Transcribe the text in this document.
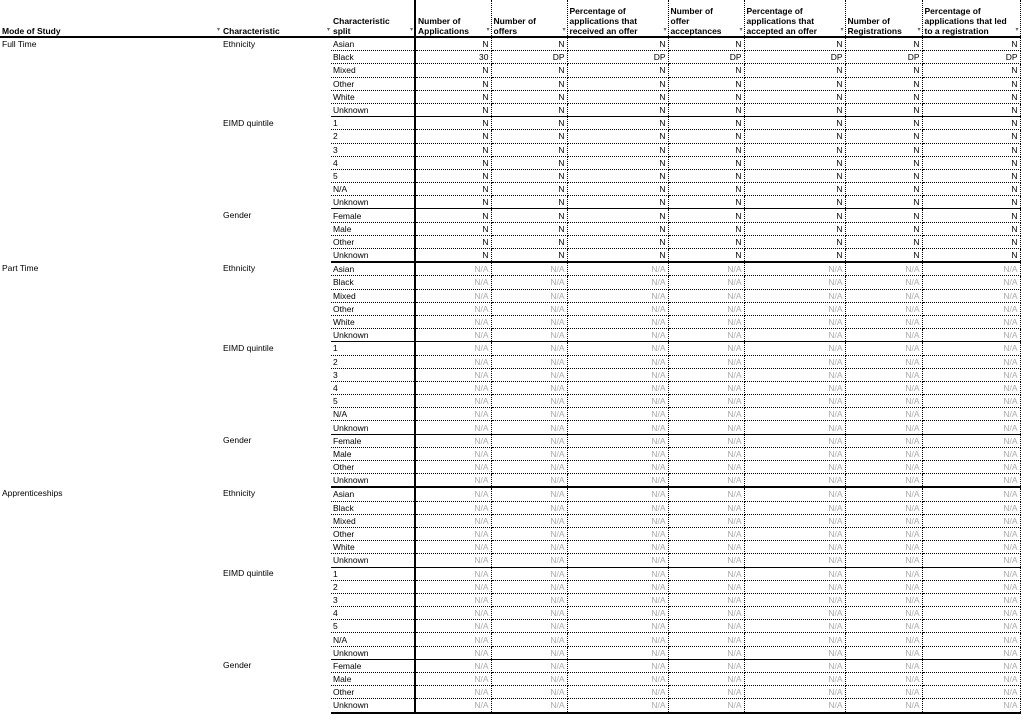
Mode of Study ▾	Characteristic ▾	Characteristic split ▾	Number of Applications ▾	Number of offers ▾	Percentage of applications that received an offer ▾	Number of offer acceptances ▾	Percentage of applications that accepted an offer ▾	Number of Registrations ▾	Percentage of applications that led to a registration ▾

Full Time	Ethnicity	Asian	N	N	N	N	N	N	N
		Black	30	DP	DP	DP	DP	DP	DP
		Mixed	N	N	N	N	N	N	N
		Other	N	N	N	N	N	N	N
		White	N	N	N	N	N	N	N
		Unknown	N	N	N	N	N	N	N
	EIMD quintile	1	N	N	N	N	N	N	N
		2	N	N	N	N	N	N	N
		3	N	N	N	N	N	N	N
		4	N	N	N	N	N	N	N
		5	N	N	N	N	N	N	N
		N/A	N	N	N	N	N	N	N
		Unknown	N	N	N	N	N	N	N
	Gender	Female	N	N	N	N	N	N	N
		Male	N	N	N	N	N	N	N
		Other	N	N	N	N	N	N	N
		Unknown	N	N	N	N	N	N	N
Part Time	Ethnicity	Asian	N/A	N/A	N/A	N/A	N/A	N/A	N/A
		Black	N/A	N/A	N/A	N/A	N/A	N/A	N/A
		Mixed	N/A	N/A	N/A	N/A	N/A	N/A	N/A
		Other	N/A	N/A	N/A	N/A	N/A	N/A	N/A
		White	N/A	N/A	N/A	N/A	N/A	N/A	N/A
		Unknown	N/A	N/A	N/A	N/A	N/A	N/A	N/A
	EIMD quintile	1	N/A	N/A	N/A	N/A	N/A	N/A	N/A
		2	N/A	N/A	N/A	N/A	N/A	N/A	N/A
		3	N/A	N/A	N/A	N/A	N/A	N/A	N/A
		4	N/A	N/A	N/A	N/A	N/A	N/A	N/A
		5	N/A	N/A	N/A	N/A	N/A	N/A	N/A
		N/A	N/A	N/A	N/A	N/A	N/A	N/A	N/A
		Unknown	N/A	N/A	N/A	N/A	N/A	N/A	N/A
	Gender	Female	N/A	N/A	N/A	N/A	N/A	N/A	N/A
		Male	N/A	N/A	N/A	N/A	N/A	N/A	N/A
		Other	N/A	N/A	N/A	N/A	N/A	N/A	N/A
		Unknown	N/A	N/A	N/A	N/A	N/A	N/A	N/A
Apprenticeships	Ethnicity	Asian	N/A	N/A	N/A	N/A	N/A	N/A	N/A
		Black	N/A	N/A	N/A	N/A	N/A	N/A	N/A
		Mixed	N/A	N/A	N/A	N/A	N/A	N/A	N/A
		Other	N/A	N/A	N/A	N/A	N/A	N/A	N/A
		White	N/A	N/A	N/A	N/A	N/A	N/A	N/A
		Unknown	N/A	N/A	N/A	N/A	N/A	N/A	N/A
	EIMD quintile	1	N/A	N/A	N/A	N/A	N/A	N/A	N/A
		2	N/A	N/A	N/A	N/A	N/A	N/A	N/A
		3	N/A	N/A	N/A	N/A	N/A	N/A	N/A
		4	N/A	N/A	N/A	N/A	N/A	N/A	N/A
		5	N/A	N/A	N/A	N/A	N/A	N/A	N/A
		N/A	N/A	N/A	N/A	N/A	N/A	N/A	N/A
		Unknown	N/A	N/A	N/A	N/A	N/A	N/A	N/A
	Gender	Female	N/A	N/A	N/A	N/A	N/A	N/A	N/A
		Male	N/A	N/A	N/A	N/A	N/A	N/A	N/A
		Other	N/A	N/A	N/A	N/A	N/A	N/A	N/A
		Unknown	N/A	N/A	N/A	N/A	N/A	N/A	N/A
